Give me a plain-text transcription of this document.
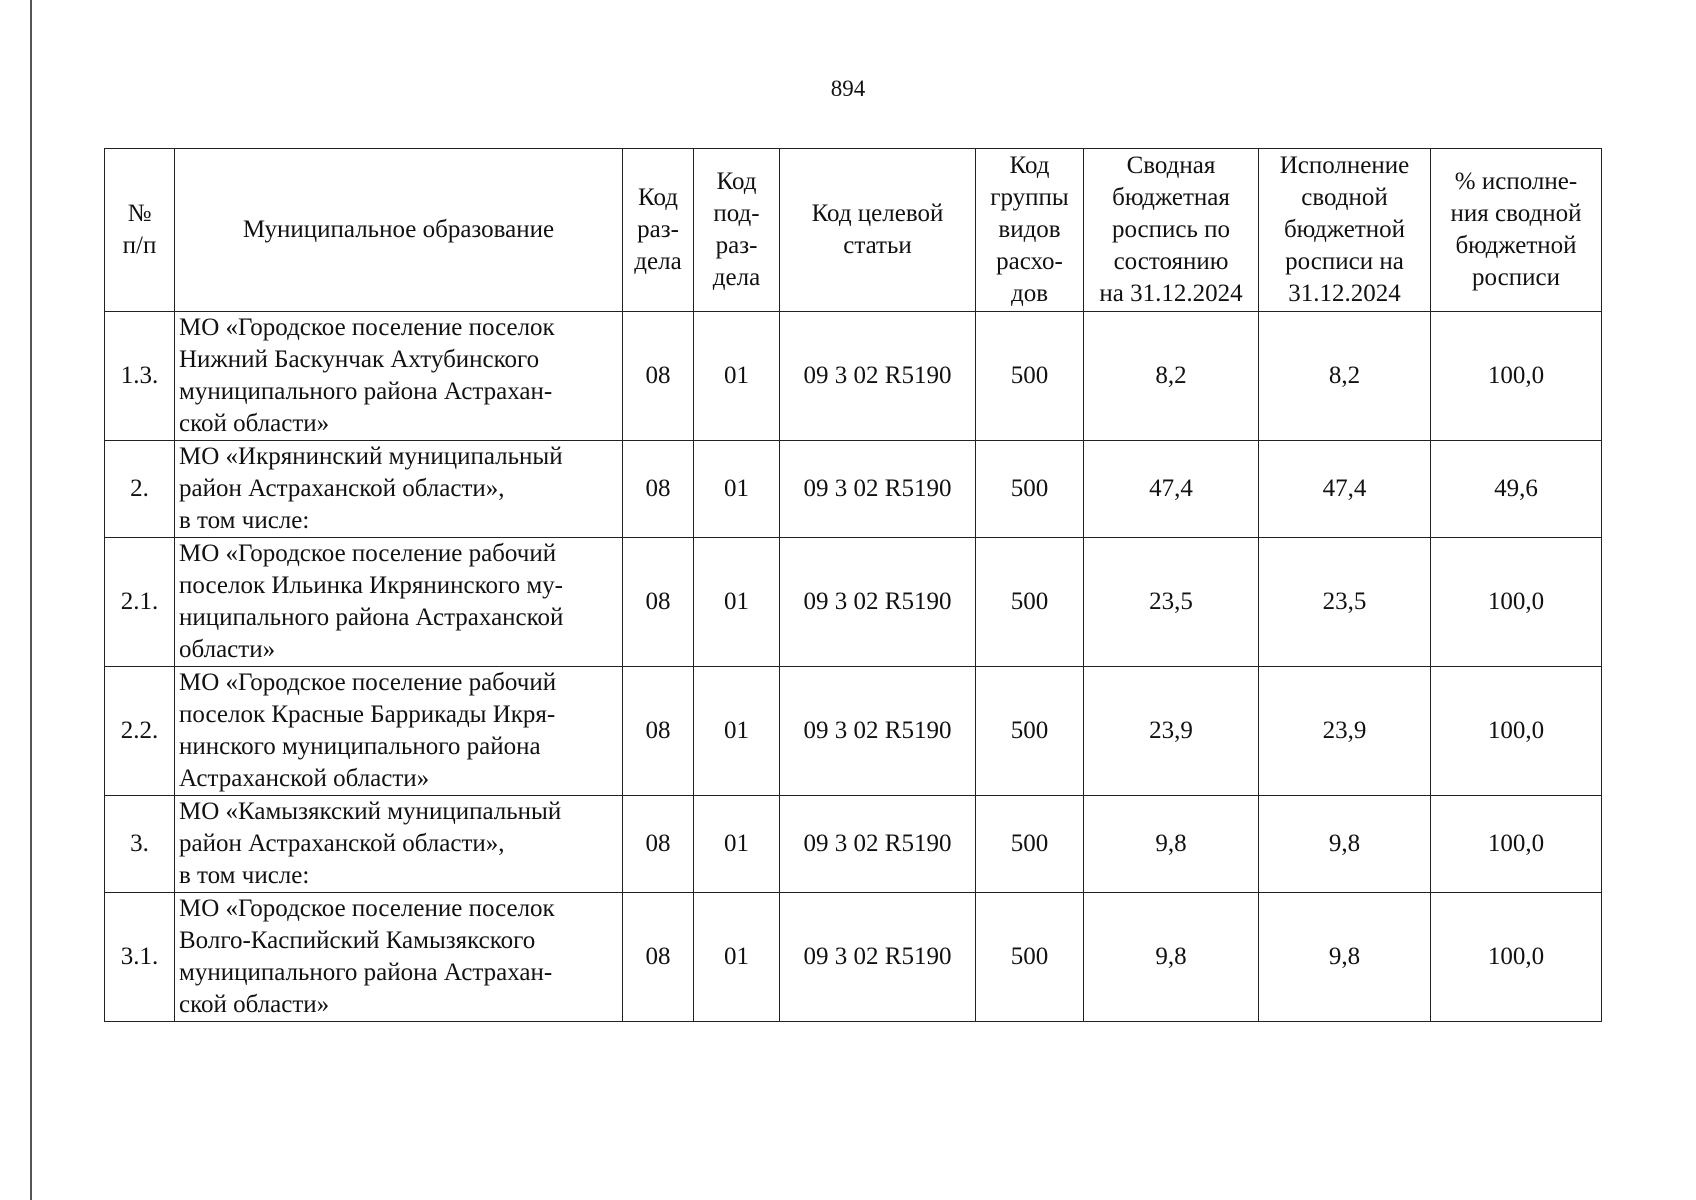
894
№
п/п	Муниципальное образование	Код
раз-
дела	Код
под-
раз-
дела	Код целевой
статьи	Код
группы
видов
расхо-
дов	Сводная
бюджетная
роспись по
состоянию
на 31.12.2024	Исполнение
сводной
бюджетной
росписи на
31.12.2024	% исполне-
ния сводной
бюджетной
росписи
1.3.	МО «Городское поселение поселок
Нижний Баскунчак Ахтубинского
муниципального района Астрахан-
ской области»	08	01	09 3 02 R5190	500	8,2	8,2	100,0
2.	МО «Икрянинский муниципальный
район Астраханской области»,
в том числе:	08	01	09 3 02 R5190	500	47,4	47,4	49,6
2.1.	МО «Городское поселение рабочий
поселок Ильинка Икрянинского му-
ниципального района Астраханской
области»	08	01	09 3 02 R5190	500	23,5	23,5	100,0
2.2.	МО «Городское поселение рабочий
поселок Красные Баррикады Икря-
нинского муниципального района
Астраханской области»	08	01	09 3 02 R5190	500	23,9	23,9	100,0
3.	МО «Камызякский муниципальный
район Астраханской области»,
в том числе:	08	01	09 3 02 R5190	500	9,8	9,8	100,0
3.1.	МО «Городское поселение поселок
Волго-Каспийский Камызякского
муниципального района Астрахан-
ской области»	08	01	09 3 02 R5190	500	9,8	9,8	100,0
